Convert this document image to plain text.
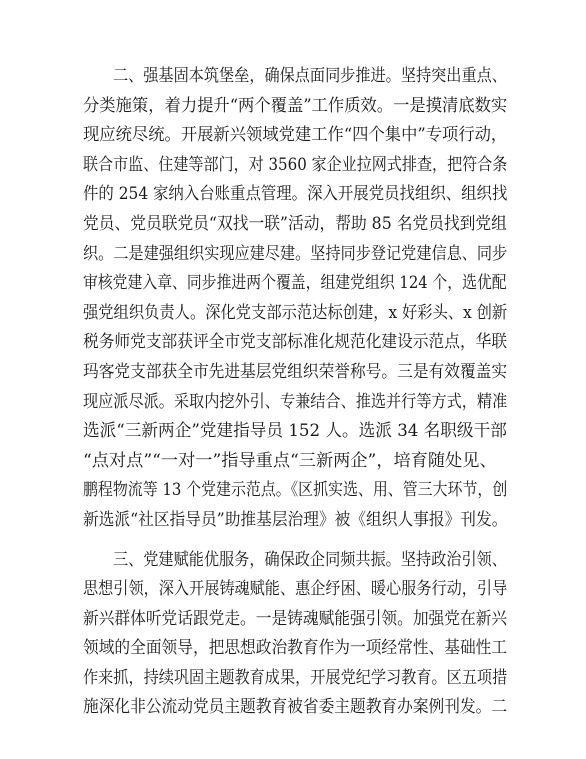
二、强基固本筑堡垒，确保点面同步推进。坚持突出重点、
分类施策，着力提升“两个覆盖”工作质效。一是摸清底数实
现应统尽统。开展新兴领域党建工作“四个集中”专项行动，
联合市监、住建等部门，对 3560 家企业拉网式排查，把符合条
件的 254 家纳入台账重点管理。深入开展党员找组织、组织找
党员、党员联党员“双找一联”活动，帮助 85 名党员找到党组
织。二是建强组织实现应建尽建。坚持同步登记党建信息、同步
审核党建入章、同步推进两个覆盖，组建党组织 124 个，选优配
强党组织负责人。深化党支部示范达标创建，x 好彩头、x 创新
税务师党支部获评全市党支部标准化规范化建设示范点，华联
玛客党支部获全市先进基层党组织荣誉称号。三是有效覆盖实
现应派尽派。采取内挖外引、专兼结合、推选并行等方式，精准
选派“三新两企”党建指导员 152 人。选派 34 名职级干部
“点对点”“一对一”指导重点“三新两企”，培育随处见、
鹏程物流等 13 个党建示范点。《区抓实选、用、管三大环节，创
新选派“社区指导员”助推基层治理》被《组织人事报》刊发。
三、党建赋能优服务，确保政企同频共振。坚持政治引领、
思想引领，深入开展铸魂赋能、惠企纾困、暖心服务行动，引导
新兴群体听党话跟党走。一是铸魂赋能强引领。加强党在新兴
领域的全面领导，把思想政治教育作为一项经常性、基础性工
作来抓，持续巩固主题教育成果，开展党纪学习教育。区五项措
施深化非公流动党员主题教育被省委主题教育办案例刊发。二
